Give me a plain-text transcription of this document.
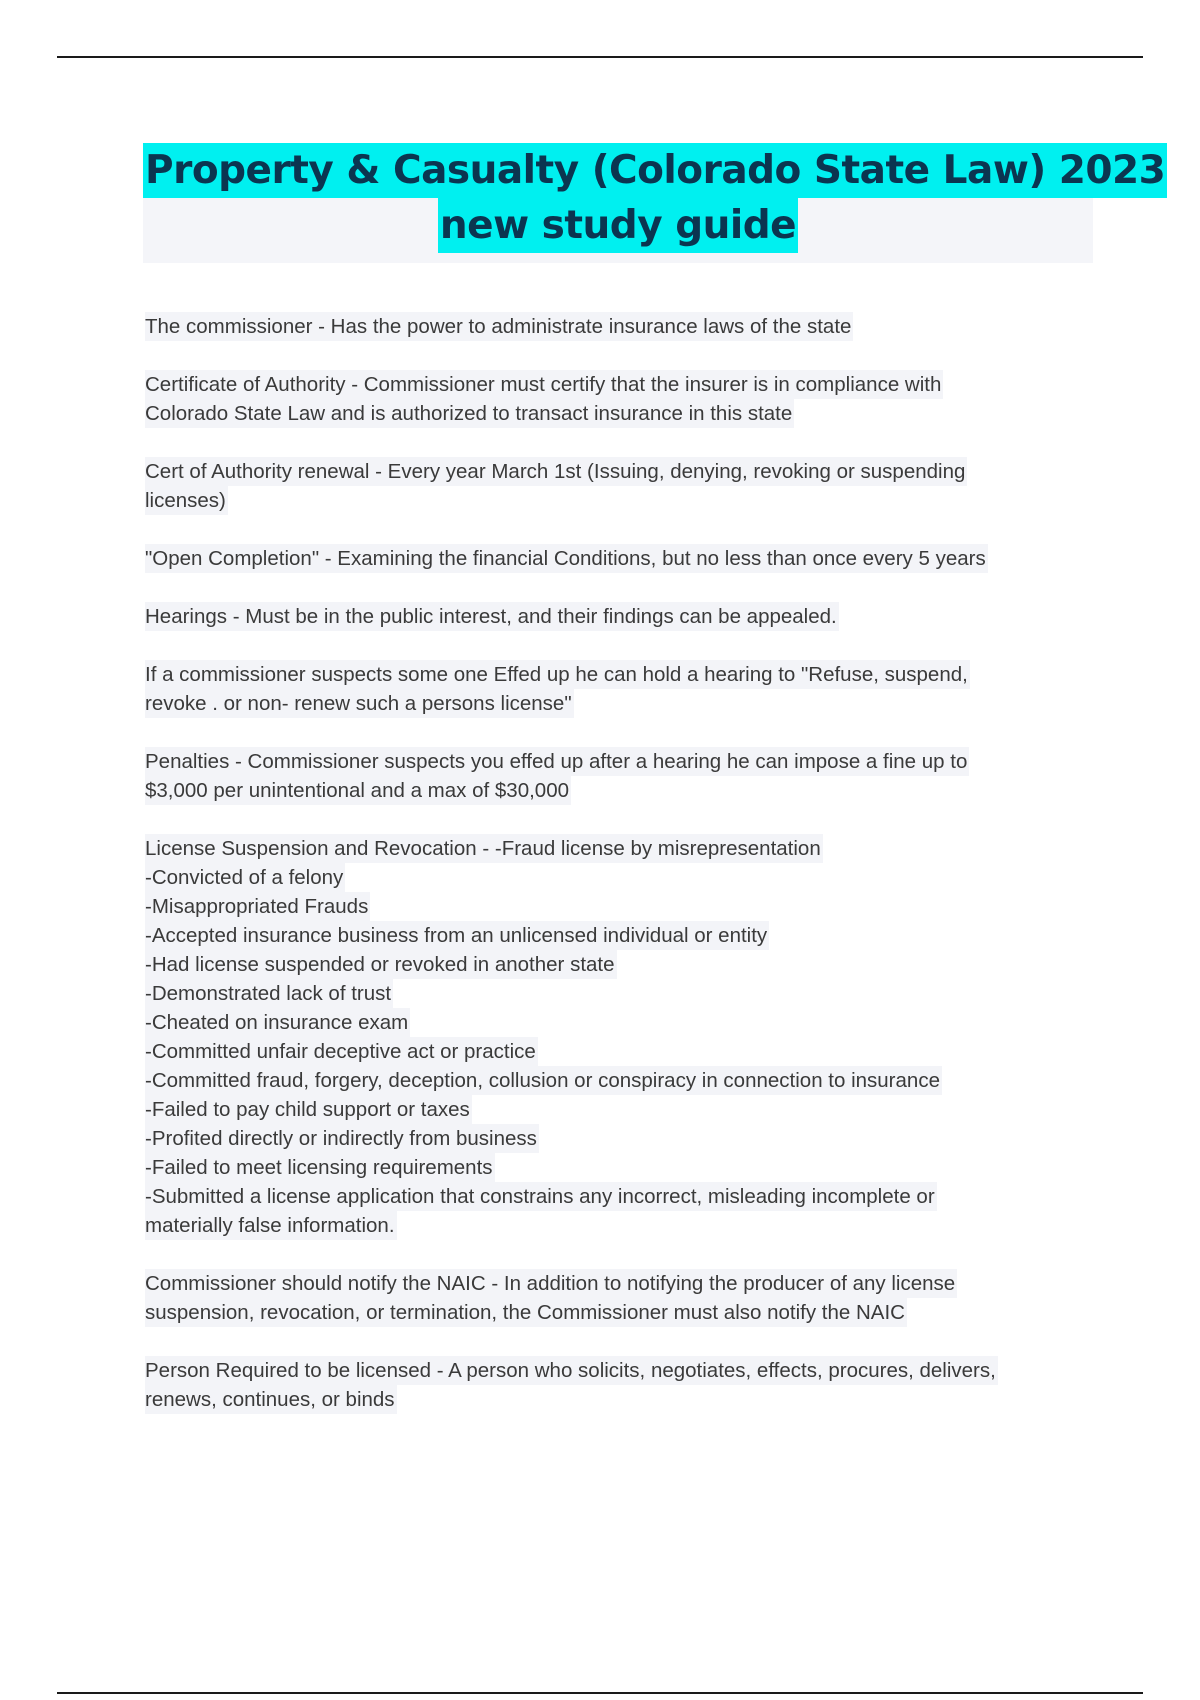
Property & Casualty (Colorado State Law) 2023
new study guide
The commissioner - Has the power to administrate insurance laws of the state
Certificate of Authority - Commissioner must certify that the insurer is in compliance with
Colorado State Law and is authorized to transact insurance in this state
Cert of Authority renewal - Every year March 1st (Issuing, denying, revoking or suspending
licenses)
"Open Completion" - Examining the financial Conditions, but no less than once every 5 years
Hearings - Must be in the public interest, and their findings can be appealed.
If a commissioner suspects some one Effed up he can hold a hearing to "Refuse, suspend,
revoke . or non- renew such a persons license"
Penalties - Commissioner suspects you effed up after a hearing he can impose a fine up to
$3,000 per unintentional and a max of $30,000
License Suspension and Revocation - -Fraud license by misrepresentation
-Convicted of a felony
-Misappropriated Frauds
-Accepted insurance business from an unlicensed individual or entity
-Had license suspended or revoked in another state
-Demonstrated lack of trust
-Cheated on insurance exam
-Committed unfair deceptive act or practice
-Committed fraud, forgery, deception, collusion or conspiracy in connection to insurance
-Failed to pay child support or taxes
-Profited directly or indirectly from business
-Failed to meet licensing requirements
-Submitted a license application that constrains any incorrect, misleading incomplete or
materially false information.
Commissioner should notify the NAIC - In addition to notifying the producer of any license
suspension, revocation, or termination, the Commissioner must also notify the NAIC
Person Required to be licensed - A person who solicits, negotiates, effects, procures, delivers,
renews, continues, or binds
